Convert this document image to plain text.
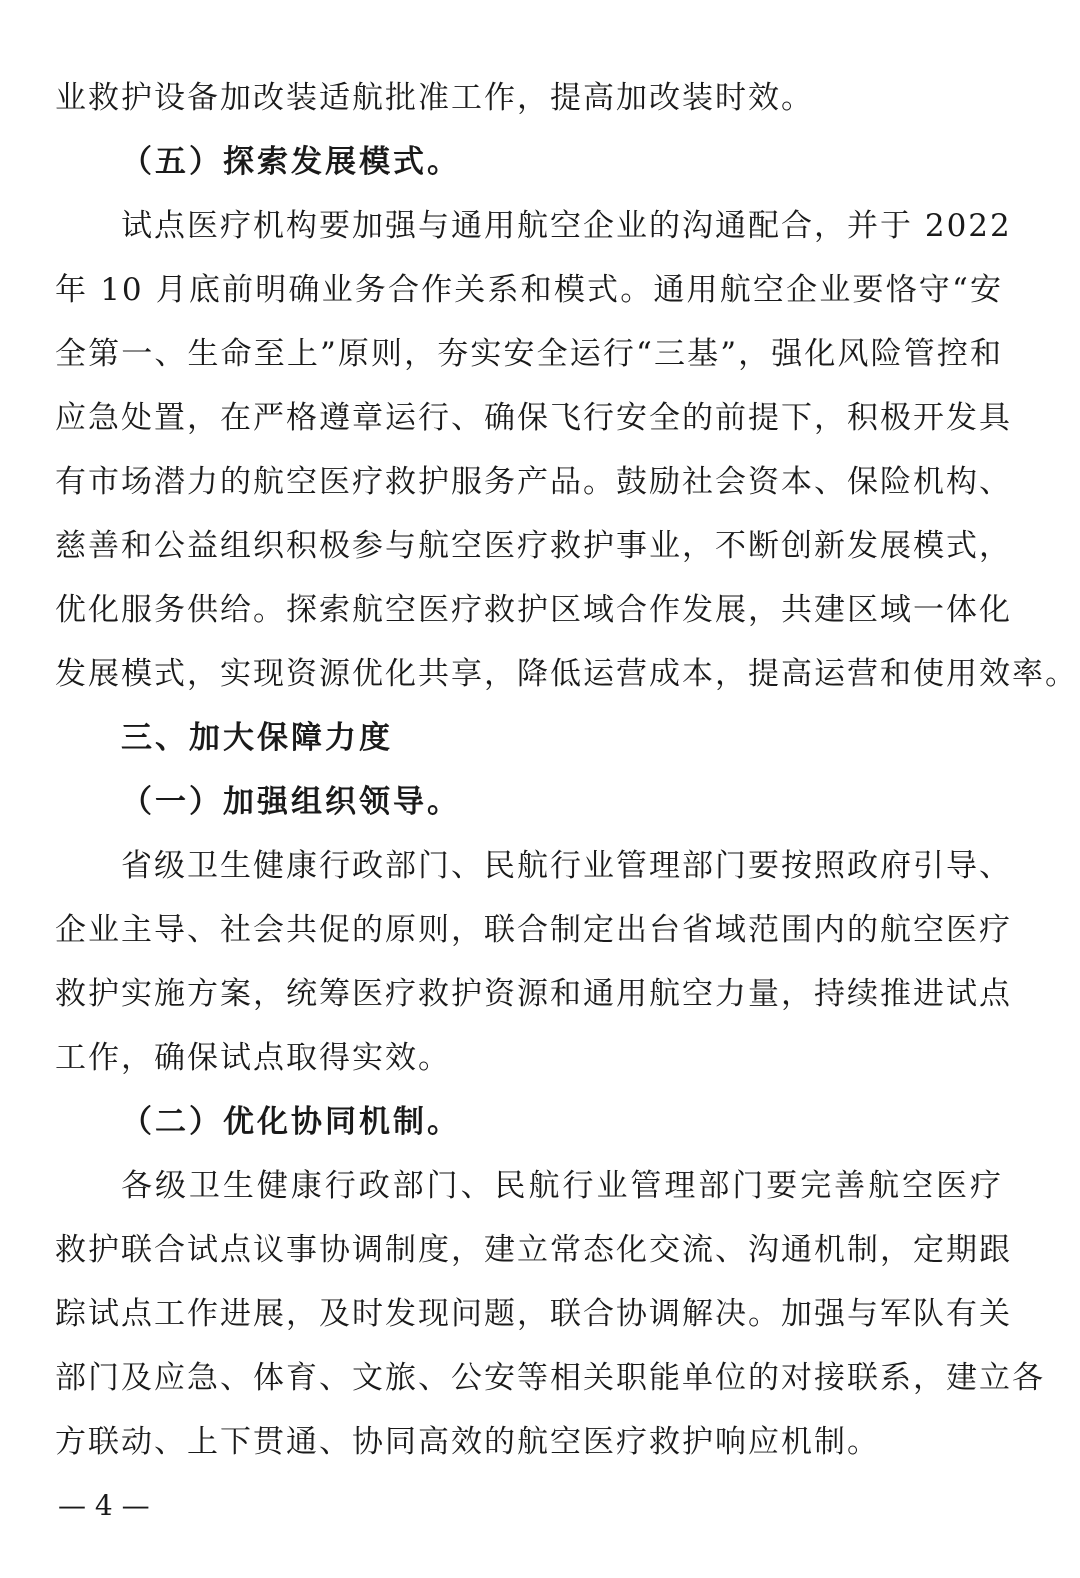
业救护设备加改装适航批准工作，提高加改装时效。
（五）探索发展模式。
试点医疗机构要加强与通用航空企业的沟通配合，并于 2022
年 10 月底前明确业务合作关系和模式。通用航空企业要恪守“安
全第一、生命至上”原则，夯实安全运行“三基”，强化风险管控和
应急处置，在严格遵章运行、确保飞行安全的前提下，积极开发具
有市场潜力的航空医疗救护服务产品。鼓励社会资本、保险机构、
慈善和公益组织积极参与航空医疗救护事业，不断创新发展模式，
优化服务供给。探索航空医疗救护区域合作发展，共建区域一体化
发展模式，实现资源优化共享，降低运营成本，提高运营和使用效率。
三、加大保障力度
（一）加强组织领导。
省级卫生健康行政部门、民航行业管理部门要按照政府引导、
企业主导、社会共促的原则，联合制定出台省域范围内的航空医疗
救护实施方案，统筹医疗救护资源和通用航空力量，持续推进试点
工作，确保试点取得实效。
（二）优化协同机制。
各级卫生健康行政部门、民航行业管理部门要完善航空医疗
救护联合试点议事协调制度，建立常态化交流、沟通机制，定期跟
踪试点工作进展，及时发现问题，联合协调解决。加强与军队有关
部门及应急、体育、文旅、公安等相关职能单位的对接联系，建立各
方联动、上下贯通、协同高效的航空医疗救护响应机制。
— 4 —
